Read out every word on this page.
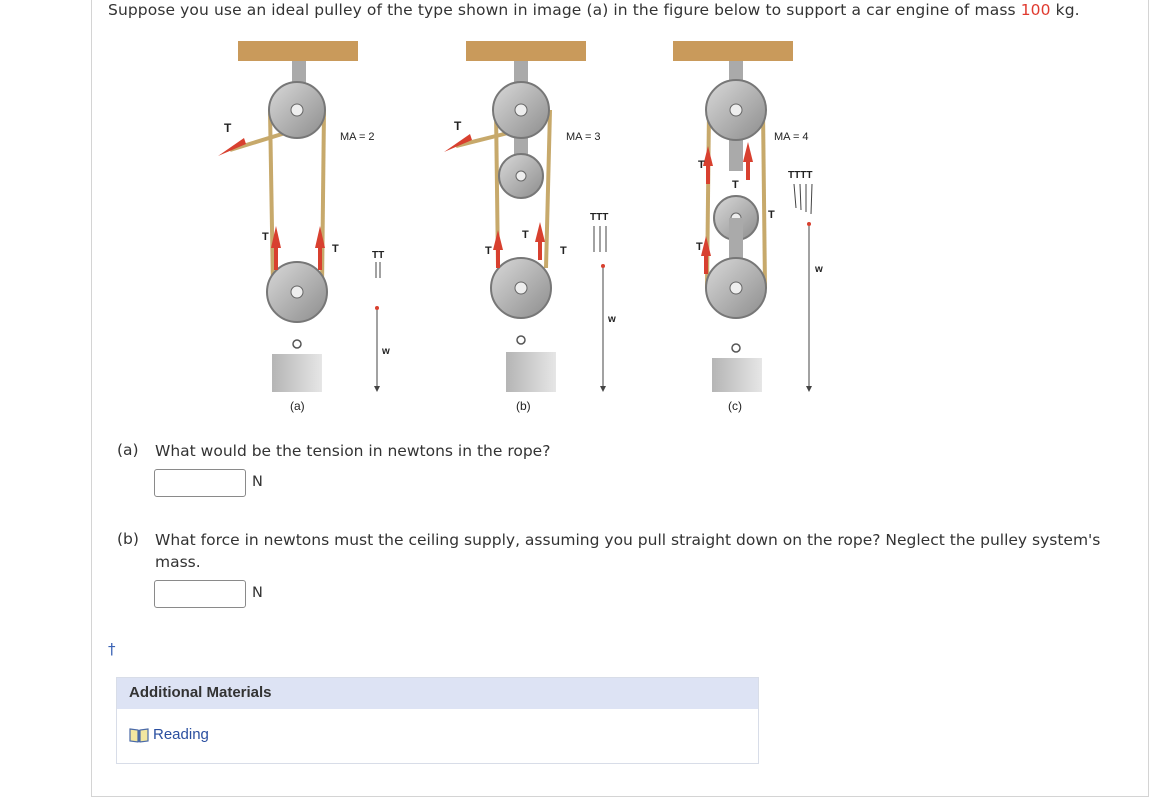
Suppose you use an ideal pulley of the type shown in image (a) in the figure below to support a car engine of mass 100 kg.
T
T
T
MA = 2
TT
w
(a)
T
T
T
T
MA = 3
TTT
w
(b)
T
T
T
T
MA = 4
TTTT
w
(c)
(a) What would be the tension in newtons in the rope?
N
(b) What force in newtons must the ceiling supply, assuming you pull straight down on the rope? Neglect the pulley system's mass.
N
†
Additional Materials
Reading
